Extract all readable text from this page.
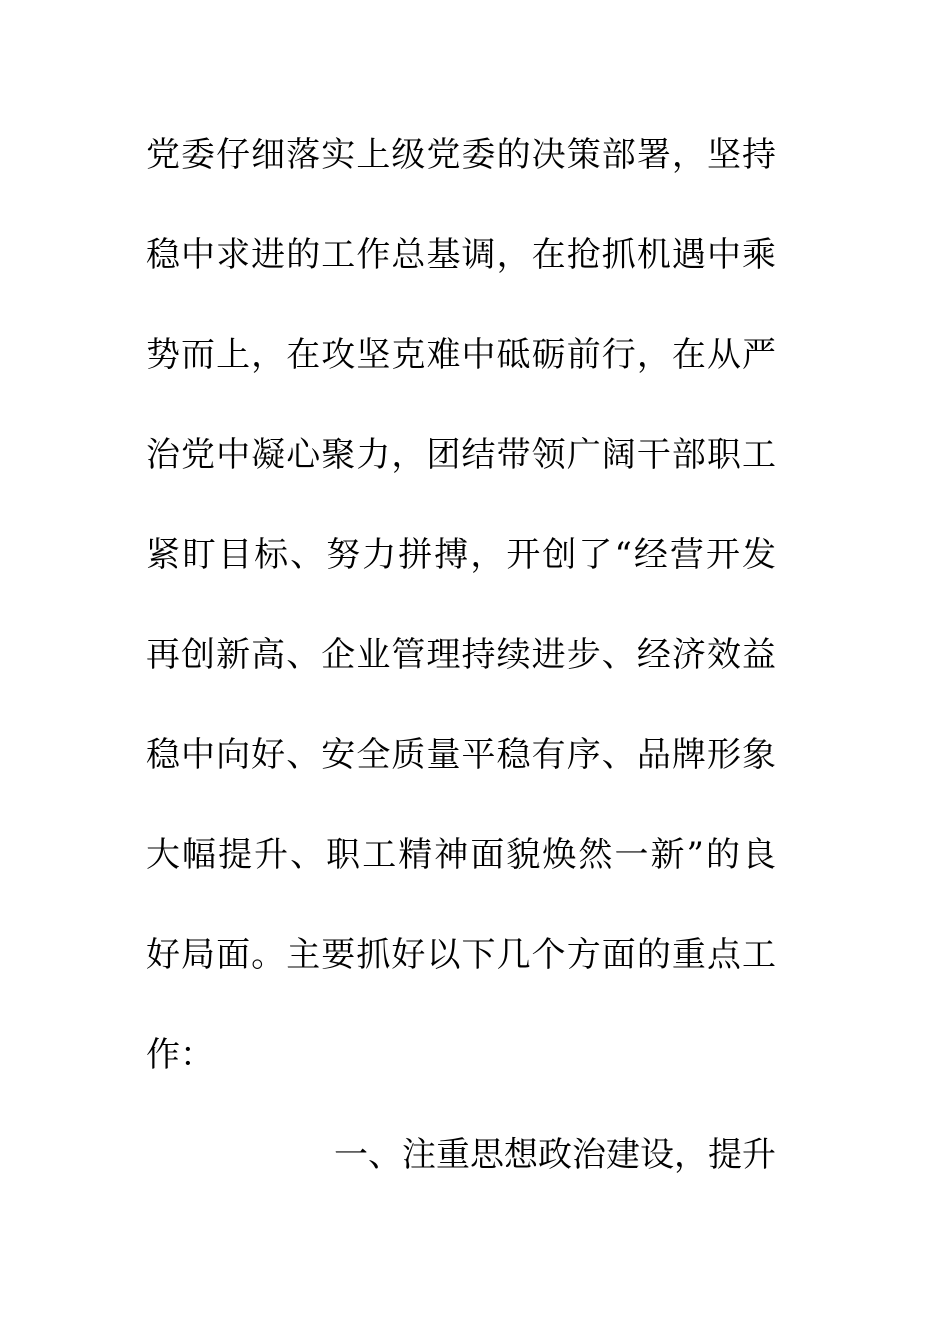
党委仔细落实上级党委的决策部署，坚持
稳中求进的工作总基调，在抢抓机遇中乘
势而上，在攻坚克难中砥砺前行，在从严
治党中凝心聚力，团结带领广阔干部职工
紧盯目标、努力拼搏，开创了“经营开发
再创新高、企业管理持续进步、经济效益
稳中向好、安全质量平稳有序、品牌形象
大幅提升、职工精神面貌焕然一新”的良
好局面。主要抓好以下几个方面的重点工
作：
一、注重思想政治建设，提升
